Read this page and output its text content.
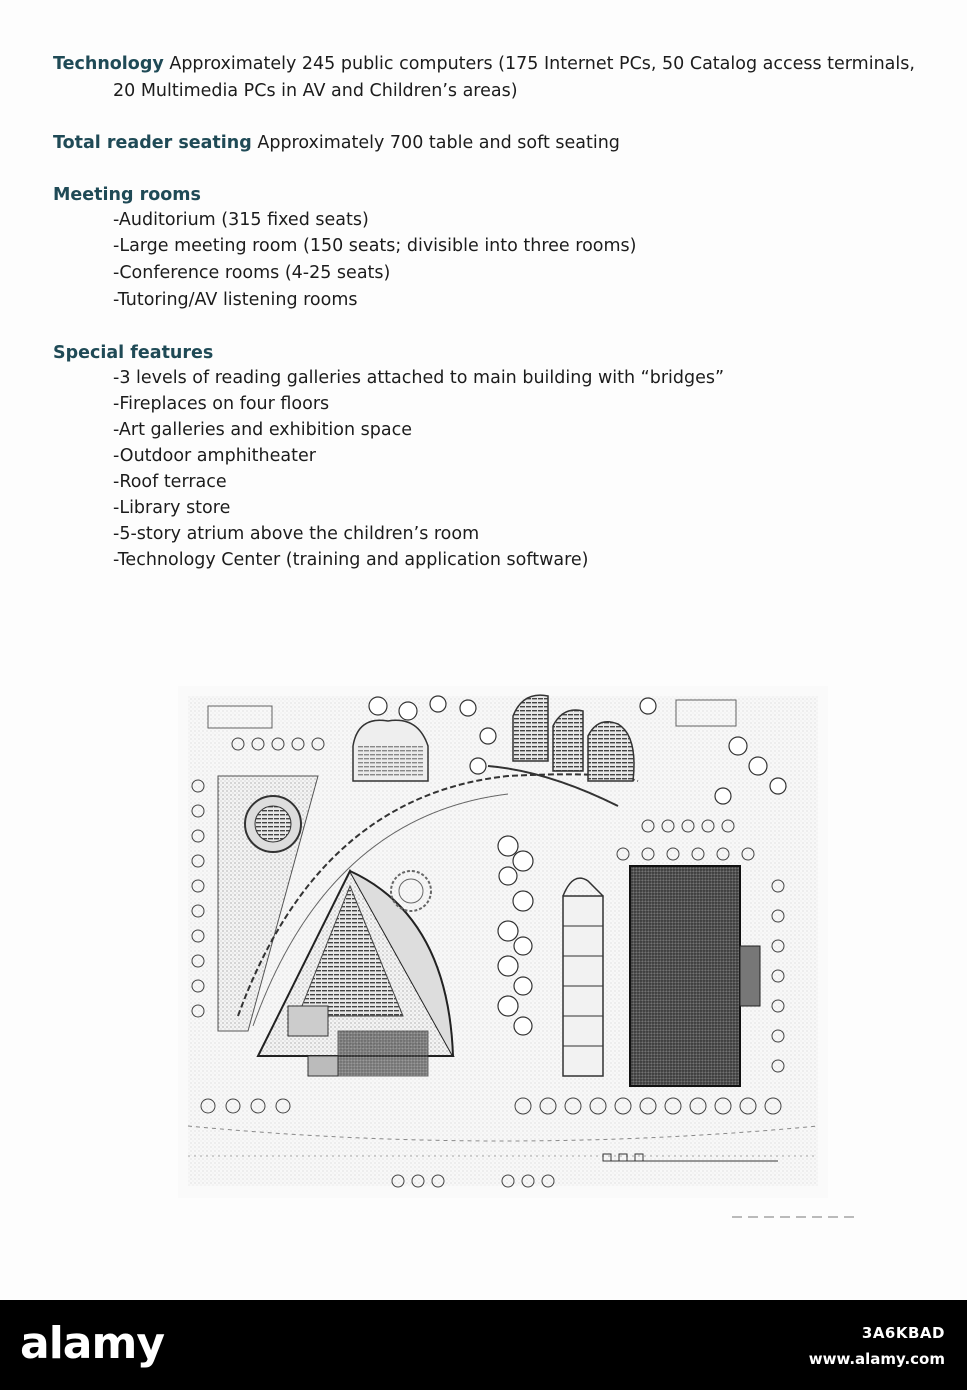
Technology Approximately 245 public computers (175 Internet PCs, 50 Catalog access terminals,
20 Multimedia PCs in AV and Children’s areas)
Total reader seating Approximately 700 table and soft seating
Meeting rooms
-Auditorium (315 fixed seats)
-Large meeting room (150 seats; divisible into three rooms)
-Conference rooms (4-25 seats)
-Tutoring/AV listening rooms
Special features
-3 levels of reading galleries attached to main building with “bridges”
-Fireplaces on four floors
-Art galleries and exhibition space
-Outdoor amphitheater
-Roof terrace
-Library store
-5-story atrium above the children’s room
-Technology Center (training and application software)
alamy	3A6KBAD
www.alamy.com
